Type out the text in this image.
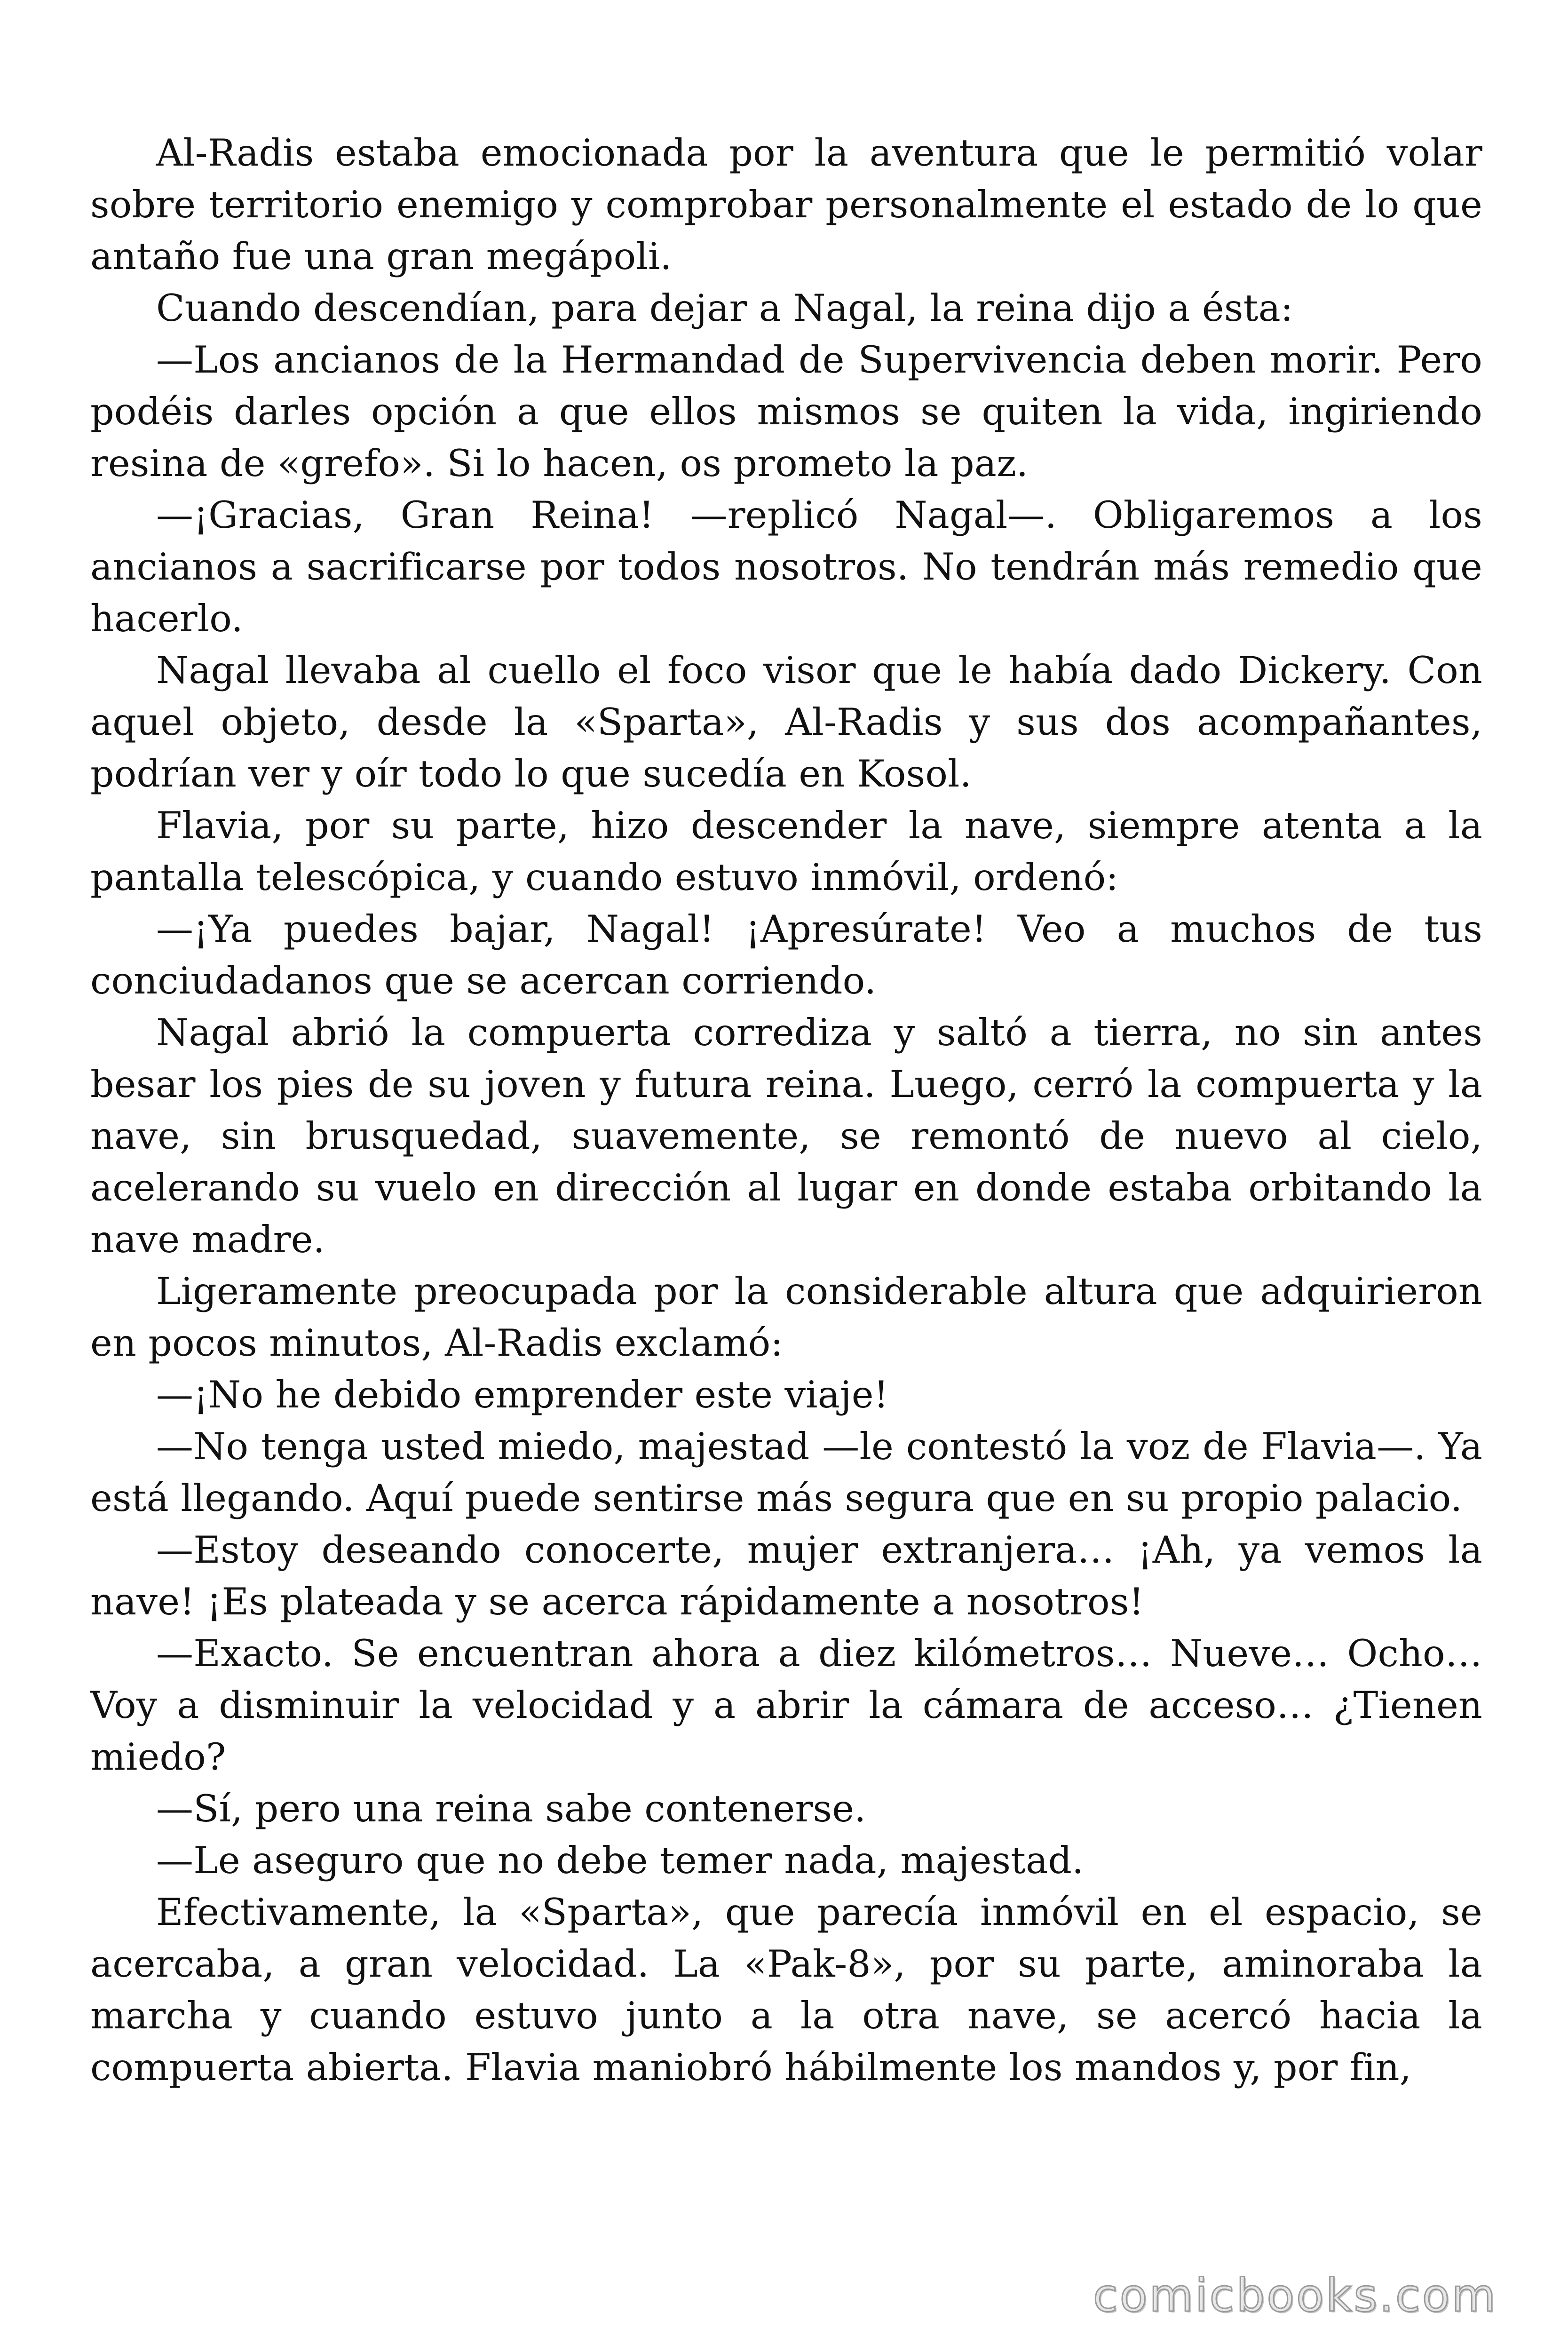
Al-Radis estaba emocionada por la aventura que le permitió volar sobre territorio enemigo y comprobar personalmente el estado de lo que antaño fue una gran megápoli.

Cuando descendían, para dejar a Nagal, la reina dijo a ésta:

—Los ancianos de la Hermandad de Supervivencia deben morir. Pero podéis darles opción a que ellos mismos se quiten la vida, ingiriendo resina de «grefo». Si lo hacen, os prometo la paz.

—¡Gracias, Gran Reina! —replicó Nagal—. Obligaremos a los ancianos a sacrificarse por todos nosotros. No tendrán más remedio que hacerlo.

Nagal llevaba al cuello el foco visor que le había dado Dickery. Con aquel objeto, desde la «Sparta», Al-Radis y sus dos acompañantes, podrían ver y oír todo lo que sucedía en Kosol.

Flavia, por su parte, hizo descender la nave, siempre atenta a la pantalla telescópica, y cuando estuvo inmóvil, ordenó:

—¡Ya puedes bajar, Nagal! ¡Apresúrate! Veo a muchos de tus conciudadanos que se acercan corriendo.

Nagal abrió la compuerta corrediza y saltó a tierra, no sin antes besar los pies de su joven y futura reina. Luego, cerró la compuerta y la nave, sin brusquedad, suavemente, se remontó de nuevo al cielo, acelerando su vuelo en dirección al lugar en donde estaba orbitando la nave madre.

Ligeramente preocupada por la considerable altura que adquirieron en pocos minutos, Al-Radis exclamó:

—¡No he debido emprender este viaje!

—No tenga usted miedo, majestad —le contestó la voz de Flavia—. Ya está llegando. Aquí puede sentirse más segura que en su propio palacio.

—Estoy deseando conocerte, mujer extranjera… ¡Ah, ya vemos la nave! ¡Es plateada y se acerca rápidamente a nosotros!

—Exacto. Se encuentran ahora a diez kilómetros… Nueve… Ocho… Voy a disminuir la velocidad y a abrir la cámara de acceso… ¿Tienen miedo?

—Sí, pero una reina sabe contenerse.

—Le aseguro que no debe temer nada, majestad.

Efectivamente, la «Sparta», que parecía inmóvil en el espacio, se acercaba, a gran velocidad. La «Pak-8», por su parte, aminoraba la marcha y cuando estuvo junto a la otra nave, se acercó hacia la compuerta abierta. Flavia maniobró hábilmente los mandos y, por fin,

comicbooks.com
